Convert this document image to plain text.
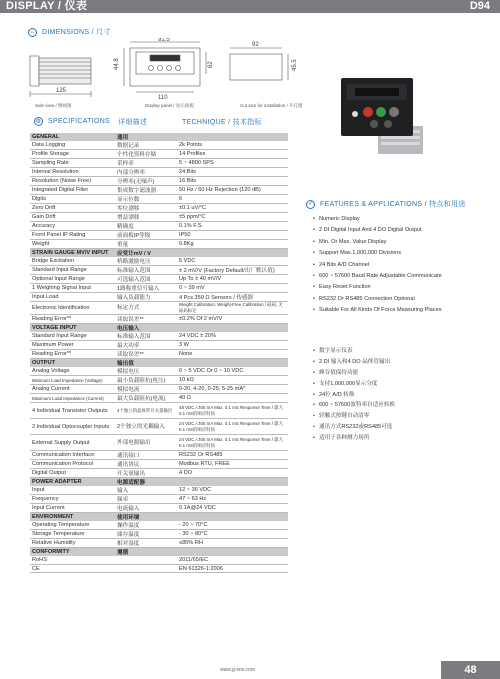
DISPLAY / 仪表	D94
↔ DIMENSIONS / 尺寸
125
91.5
44.8
110
62
92
45.5
Side view / 侧视图	Display panel / 显示面板	Cut size for installation / 开孔图
⚙ SPECIFICATIONS 详细描述	TECHNIQUE / 技术指标
GENERAL	通用	
Data Logging	数据记录	2k Points
Profile Storage	个性化资料存储	14 Profiles
Sampling Rate	采样率	5 ~ 4800 SPS
Internal Resolution	内部分辨率	24 Bits
Resolution (Noise Free)	分辨率(无噪声)	16 Bits
Integrated Digital Filter	集成数字滤波器	50 Hz / 60 Hz Rejection (120 dB)
Digits	显示位数	6
Zero Drift	零位漂移	±0.1 uV/°C
Gain Drift	增益漂移	±5 ppm/°C
Accuracy	精确度	0.1% F.S.
Front Panel IP Rating	前面板IP等级	IP50
Weight	重量	0.8Kg
STRAIN GAUGE MV/V INPUT	应变计mV / V	
Bridge Excitation	桥路激励电压	5 VDC
Standard Input Range	标准输入范围	± 2 mV/V (Factory Default/出厂默认值)
Optional Input Range	可选输入范围	Up To ± 40 mV/V
1 Weighing Signal Input	1路称重信号输入	0 ~ 39 mV
Input Load	输入负载能力	4 Pcs 350 Ω Sensors / 传感器
Electronic Identification	标定方式	Weight Calibration, Weight-Free Calibration / 砝码, 无砝码标定
Reading Error**	读取误差**	±0.2% Of 2 mV/V
VOLTAGE INPUT	电压输入	
Standard Input Range	标准输入范围	24 VDC ± 20%
Maximum Power	最大功率	3 W
Reading Error**	读取误差**	None
OUTPUT	输出值	
Analog Voltage	模拟电压	0 ~ 5 VDC Or 0 ~ 10 VDC
Minimum Load Impedance (Voltage)	最小负载阻抗(电压)	10 kΩ
Analog Current	模拟电流	0-20, 4-20, 0-25, 5-25 mA*
Maximum Load Impedance (Current)	最大负载阻抗(电流)	40 Ω
4 Individual Transistor Outputs	4个独立的晶体管开关量输出	48 VDC / 300 mA Max. 0.1 mS Response Time / 最大0.1 mS的响应时间
2 Individual Optocoupler Inputs	2个独立的光耦输入	24 VDC / 300 mA Max. 0.1 mS Response Time / 最大0.1 mS的响应时间
External Supply Output	外部电源输出	24 VDC / 300 mA Max. 0.1 mS Response Time / 最大0.1 mS的响应时间
Communication Interface	通讯接口	RS232 Or RS485
Communication Protocol	通讯协议	Modbus RTU, FREE
Digital Output	开关量输出	4 DO
POWER ADAPTER	电源适配器	
Input	输入	12 ~ 36 VDC
Frequency	频率	47 ~ 63 Hz
Input Current	电流输入	0.1A@24 VDC
ENVIRONMENT	使用环境	
Operating Temperature	操作温度	- 20 ~ 70°C
Storage Temperature	储存温度	- 30 ~ 80°C
Relative Humidity	相对湿度	≤85% RH
CONFORMITY	遵循	
RoHS		2011/65/EC
CE		EN 61326-1:2006
✓ FEATURES & APPLICATIONS / 特点和用途
• Numeric Display
• 2 DI Digital Input And 4 DO Digital Output
• Min. Or Max. Value Display
• Support Max.1,000,000 Divisions
• 24 Bits A/D Channel
• 600 ~ 57600 Baud Rate Adjustable Communicate
• Easy Reset Function
• RS232 Or RS485 Connection Optional
• Suitable For All Kinds Of Force Measuring Places
• 数字显示仪表
• 2 DI 输入和4 DO 晶体管输出
• 峰谷值保持功能
• 支持1,000,000显示分度
• 24位 A/D 转换
• 600 ~ 57600波特率自适应转换
• 轻触式按键自动清零
• 通讯方式RS232或RS485可选
• 适用于各种测力场所
www.g-sns.com	48
